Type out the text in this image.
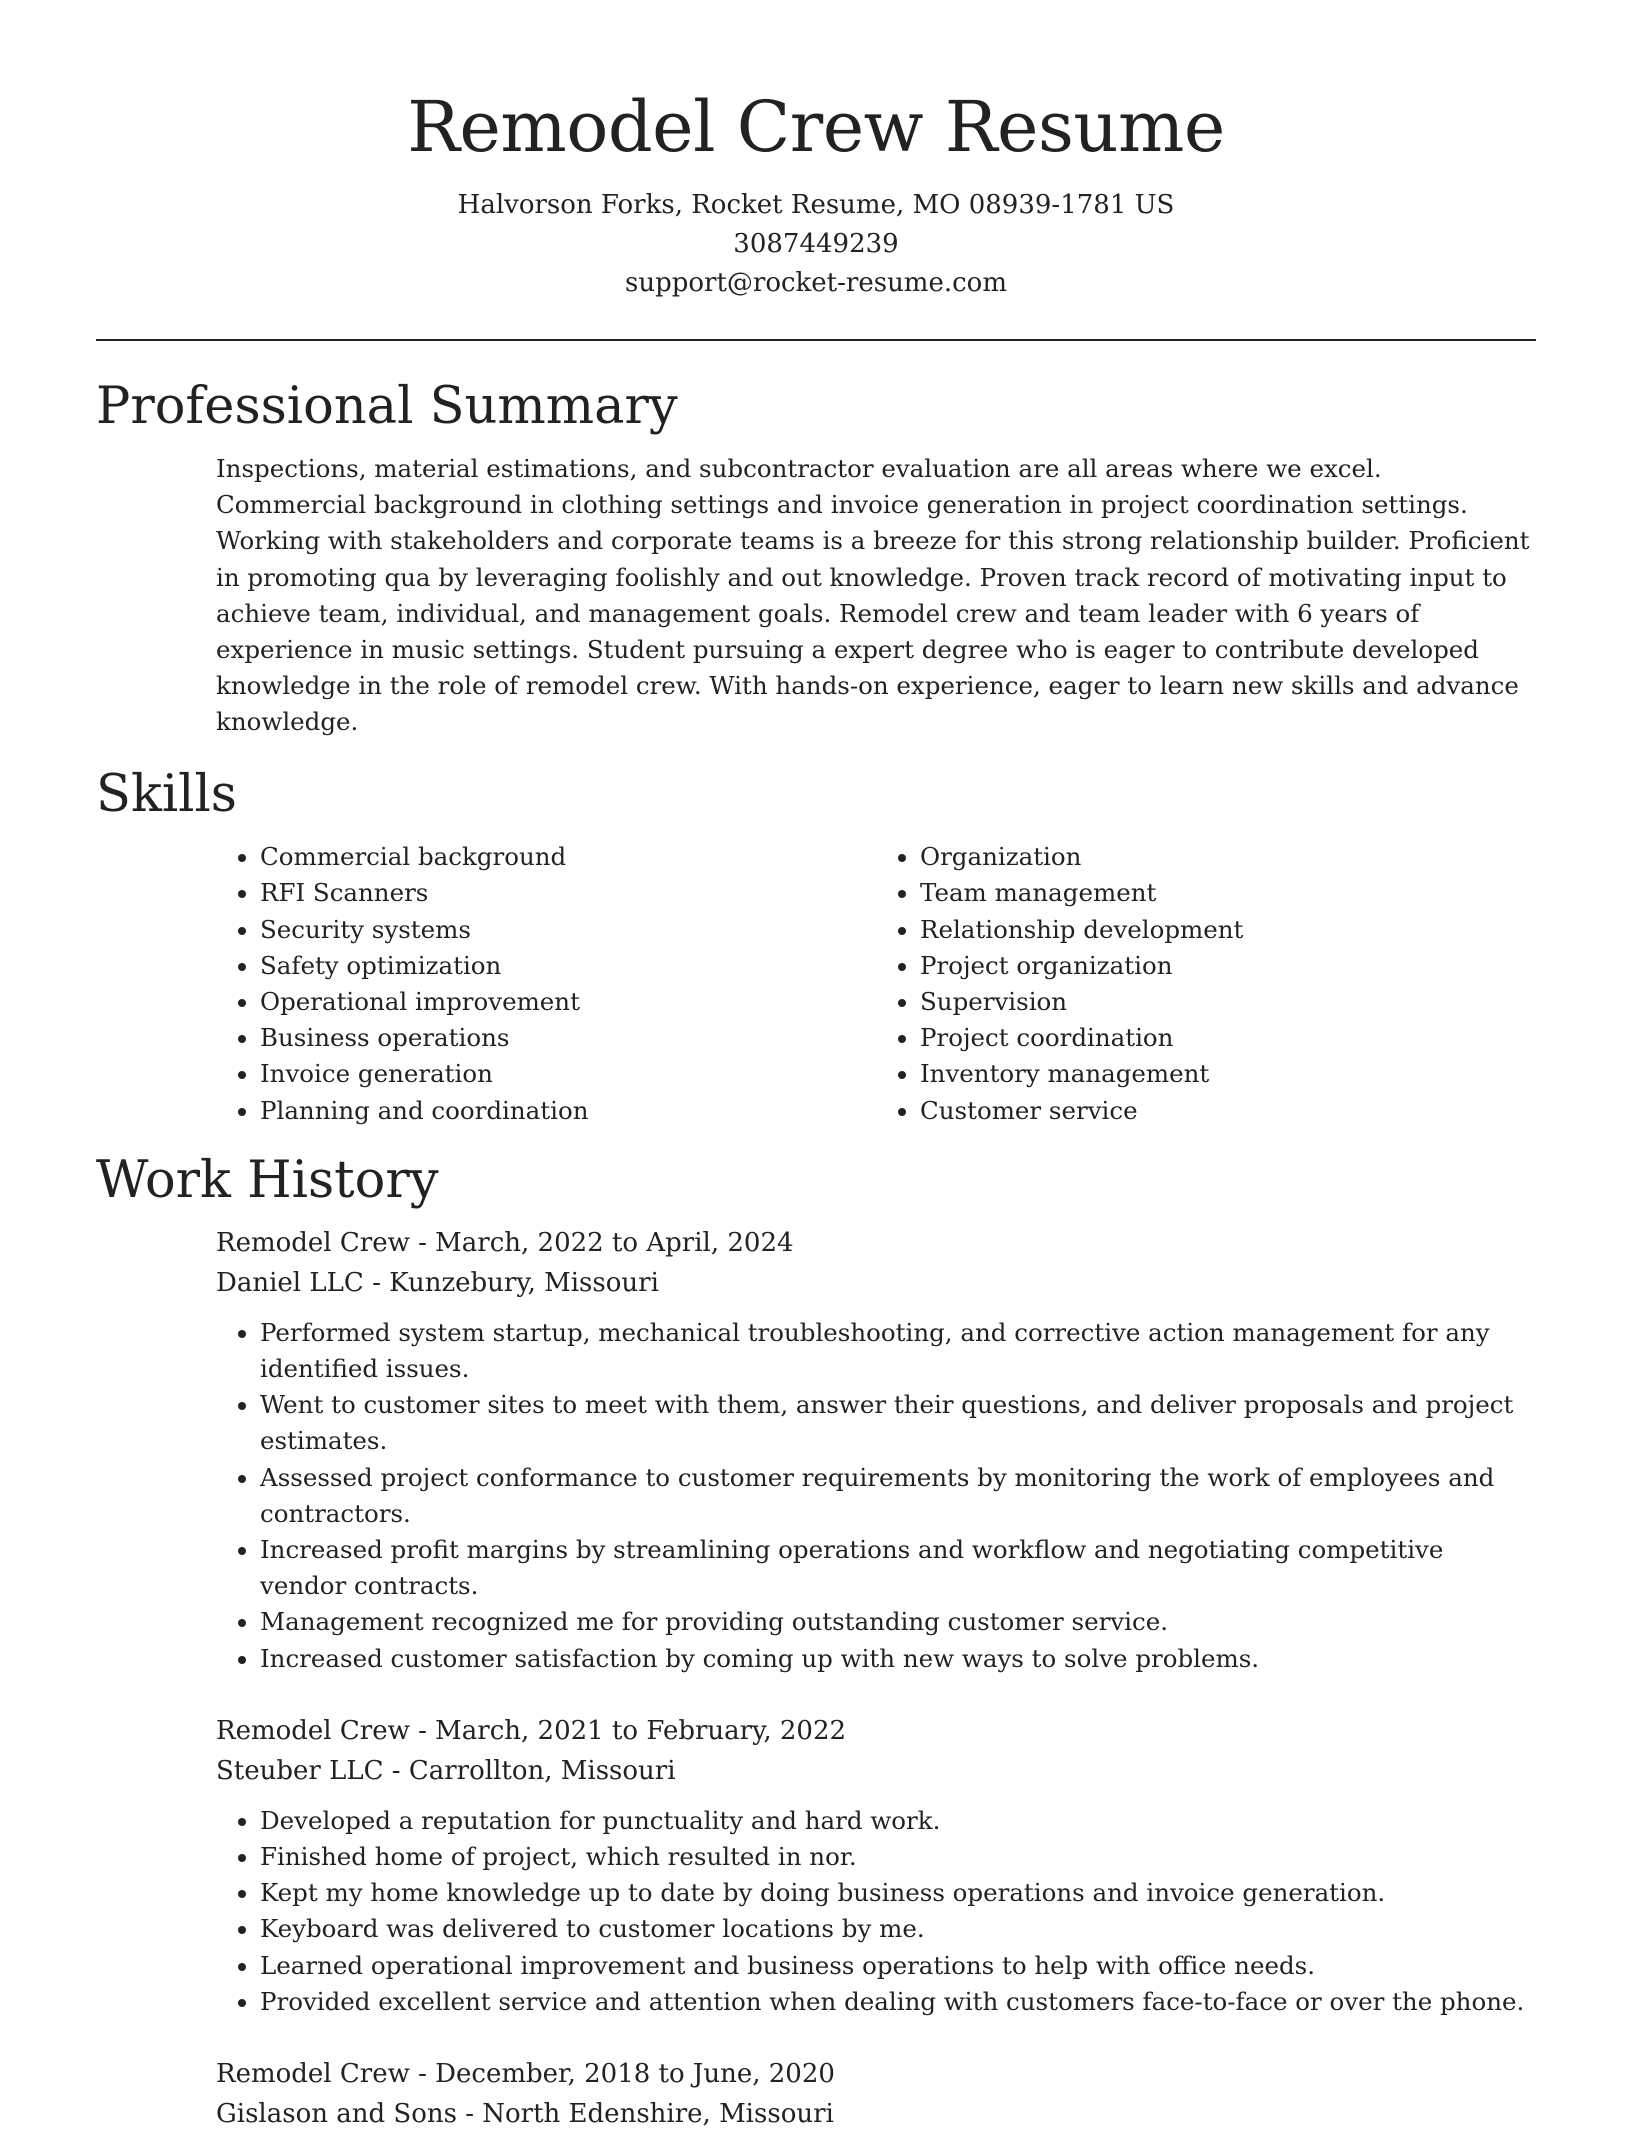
Remodel Crew Resume
Halvorson Forks, Rocket Resume, MO 08939-1781 US
3087449239
support@rocket-resume.com
Professional Summary

Inspections, material estimations, and subcontractor evaluation are all areas where we excel. Commercial background in clothing settings and invoice generation in project coordination settings. Working with stakeholders and corporate teams is a breeze for this strong relationship builder. Proficient in promoting qua by leveraging foolishly and out knowledge. Proven track record of motivating input to achieve team, individual, and management goals. Remodel crew and team leader with 6 years of experience in music settings. Student pursuing a expert degree who is eager to contribute developed knowledge in the role of remodel crew. With hands-on experience, eager to learn new skills and advance knowledge.

Skills
• Commercial background
• RFI Scanners
• Security systems
• Safety optimization
• Operational improvement
• Business operations
• Invoice generation
• Planning and coordination
• Organization
• Team management
• Relationship development
• Project organization
• Supervision
• Project coordination
• Inventory management
• Customer service
Work History
Remodel Crew - March, 2022 to April, 2024
Daniel LLC - Kunzebury, Missouri
• Performed system startup, mechanical troubleshooting, and corrective action management for any identified issues.
• Went to customer sites to meet with them, answer their questions, and deliver proposals and project estimates.
• Assessed project conformance to customer requirements by monitoring the work of employees and contractors.
• Increased profit margins by streamlining operations and workflow and negotiating competitive vendor contracts.
• Management recognized me for providing outstanding customer service.
• Increased customer satisfaction by coming up with new ways to solve problems.
Remodel Crew - March, 2021 to February, 2022
Steuber LLC - Carrollton, Missouri
• Developed a reputation for punctuality and hard work.
• Finished home of project, which resulted in nor.
• Kept my home knowledge up to date by doing business operations and invoice generation.
• Keyboard was delivered to customer locations by me.
• Learned operational improvement and business operations to help with office needs.
• Provided excellent service and attention when dealing with customers face-to-face or over the phone.
Remodel Crew - December, 2018 to June, 2020
Gislason and Sons - North Edenshire, Missouri
